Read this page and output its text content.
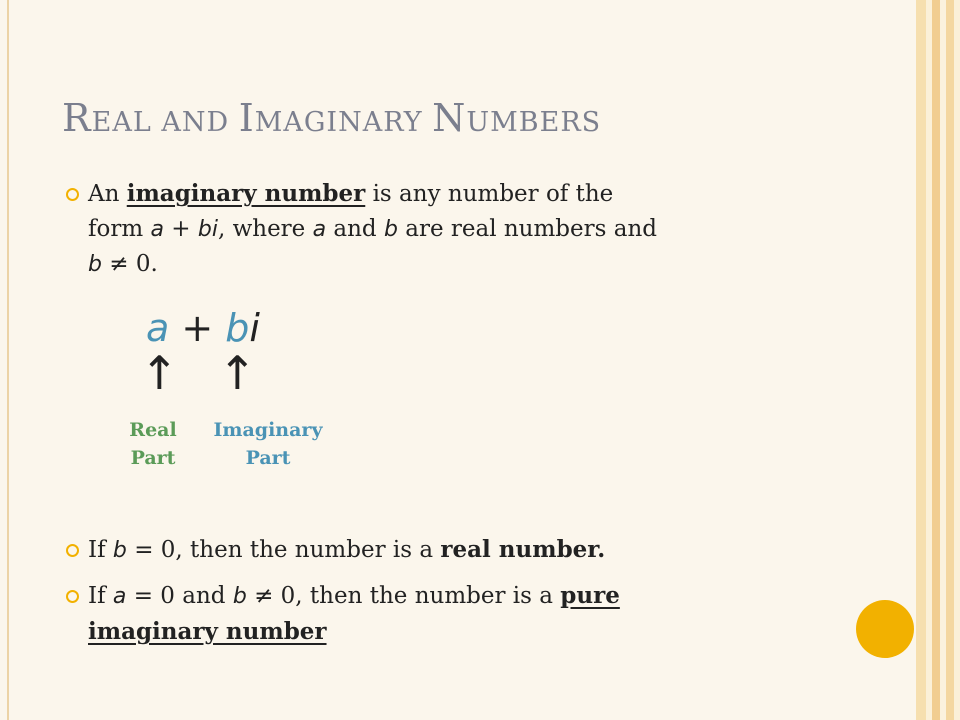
REAL AND IMAGINARY NUMBERS
An imaginary number is any number of the
form a + bi, where a and b are real numbers and
b ≠ 0.
a + bi
↑ ↑
Real
Part
Imaginary
Part
If b = 0, then the number is a real number.
If a = 0 and b ≠ 0, then the number is a pure
imaginary number
